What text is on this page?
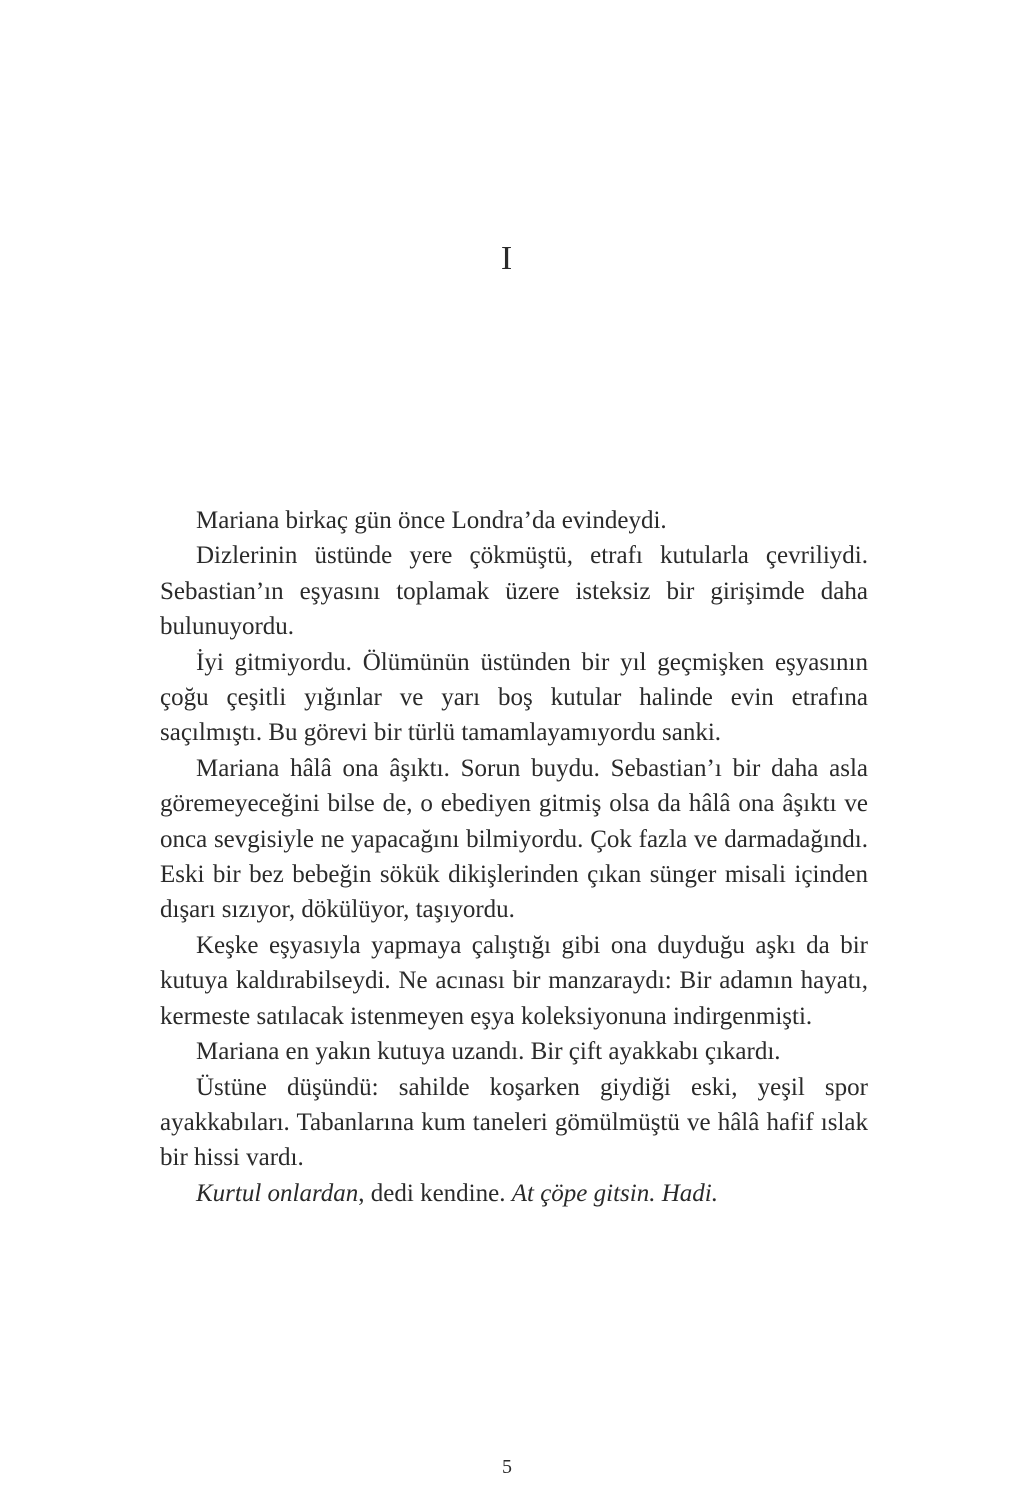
I

Mariana birkaç gün önce Londra’da evindeydi.

Dizlerinin üstünde yere çökmüştü, etrafı kutularla çevriliydi. Sebastian’ın eşyasını toplamak üzere isteksiz bir girişimde daha bulunuyordu.

İyi gitmiyordu. Ölümünün üstünden bir yıl geçmişken eşyasının çoğu çeşitli yığınlar ve yarı boş kutular halinde evin etrafına saçılmıştı. Bu görevi bir türlü tamamlayamıyordu sanki.

Mariana hâlâ ona âşıktı. Sorun buydu. Sebastian’ı bir daha asla göremeyeceğini bilse de, o ebediyen gitmiş olsa da hâlâ ona âşıktı ve onca sevgisiyle ne yapacağını bilmiyordu. Çok fazla ve darmadağındı. Eski bir bez bebeğin sökük dikişlerinden çıkan sünger misali içinden dışarı sızıyor, dökülüyor, taşıyordu.

Keşke eşyasıyla yapmaya çalıştığı gibi ona duyduğu aşkı da bir kutuya kaldırabilseydi. Ne acınası bir manzaraydı: Bir adamın hayatı, kermeste satılacak istenmeyen eşya koleksiyonuna indirgenmişti.

Mariana en yakın kutuya uzandı. Bir çift ayakkabı çıkardı.

Üstüne düşündü: sahilde koşarken giydiği eski, yeşil spor ayakkabıları. Tabanlarına kum taneleri gömülmüştü ve hâlâ hafif ıslak bir hissi vardı.

Kurtul onlardan, dedi kendine. At çöpe gitsin. Hadi.

5
